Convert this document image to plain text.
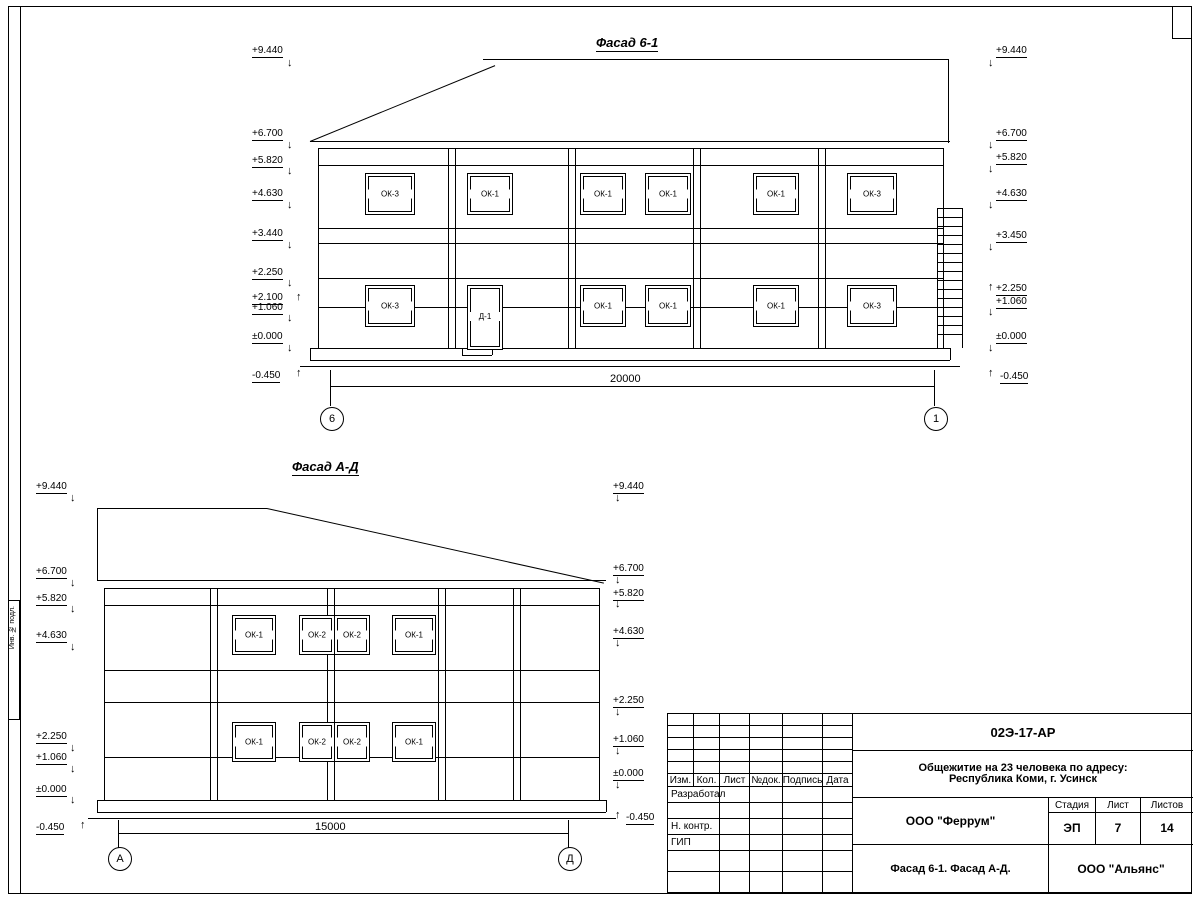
Инв. № подл.
Фасад 6-1
ОК-3	ОК-1	ОК-1	ОК-1	ОК-1	ОК-3
ОК-3
Д-1
ОК-1	ОК-1	ОК-1	ОК-3
+9.440
↓
+6.700
↓
+5.820
↓
+4.630
↓
+3.440
↓
+2.250
↓
+2.100 ↑
+1.060
↓
±0.000
↓
-0.450 ↑
+9.440
↓
+6.700
↓
+5.820
↓
+4.630
↓
+3.450
↓
+2.250
↑
+1.060
↓
±0.000
↓
-0.450
↑
20000
6	1
Фасад А-Д
ОК-1	ОК-2	ОК-2	ОК-1
ОК-1	ОК-2	ОК-2	ОК-1
+9.440
↓
+6.700
↓
+5.820
↓
+4.630
↓
+2.250
↓
+1.060
↓
±0.000
↓
-0.450 ↑
+9.440
↓
+6.700
↓
+5.820
↓
+4.630
↓
+2.250
↓
+1.060
↓
±0.000
↓
-0.450
↑
15000
А	Д
Изм. Кол. Лист №док. Подпись Дата
Разработал
Н. контр.
ГИП
02Э-17-АР
Общежитие на 23 человека по адресу:
Республика Коми, г. Усинск
ООО "Феррум"
Стадия	Лист	Листов
ЭП	7	14
Фасад 6-1. Фасад А-Д.	ООО "Альянс"
